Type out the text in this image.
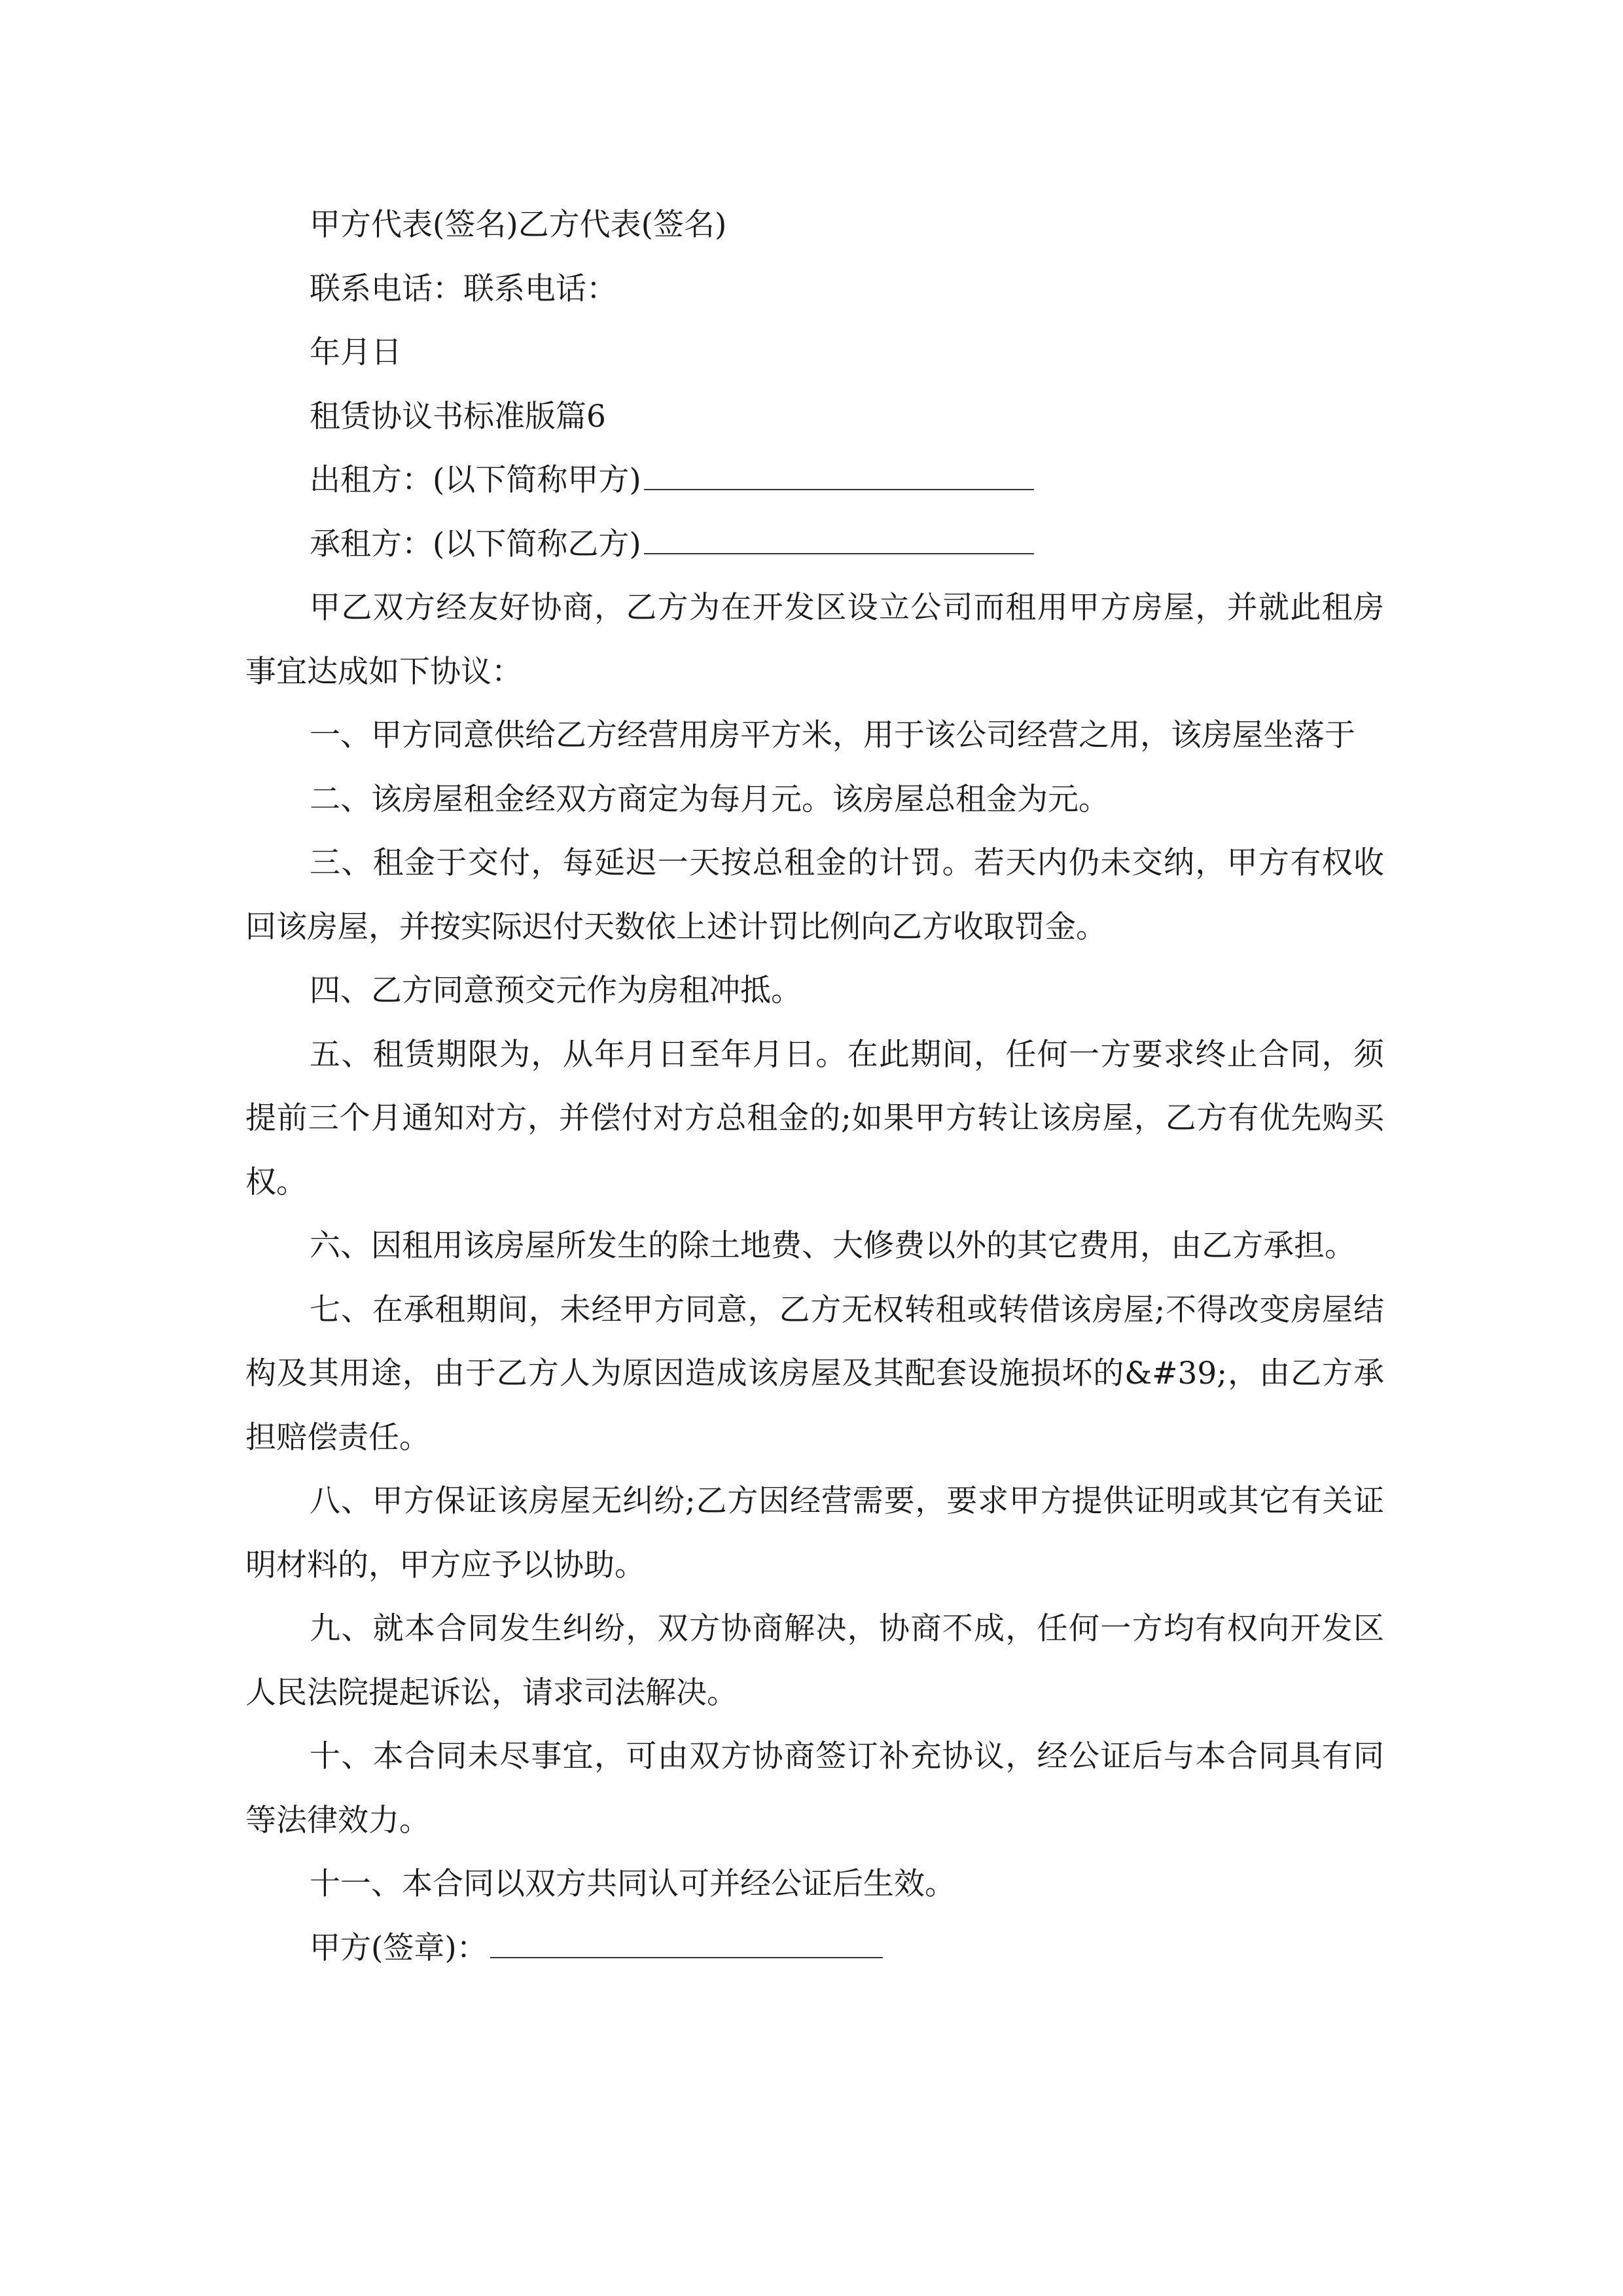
甲方代表(签名)乙方代表(签名)

联系电话：联系电话：

年月日

租赁协议书标准版篇6

出租方：(以下简称甲方)

承租方：(以下简称乙方)

甲乙双方经友好协商，乙方为在开发区设立公司而租用甲方房屋，并就此租房事宜达成如下协议：

一、甲方同意供给乙方经营用房平方米，用于该公司经营之用，该房屋坐落于

二、该房屋租金经双方商定为每月元。该房屋总租金为元。

三、租金于交付，每延迟一天按总租金的计罚。若天内仍未交纳，甲方有权收回该房屋，并按实际迟付天数依上述计罚比例向乙方收取罚金。

四、乙方同意预交元作为房租冲抵。

五、租赁期限为，从年月日至年月日。在此期间，任何一方要求终止合同，须提前三个月通知对方，并偿付对方总租金的;如果甲方转让该房屋，乙方有优先购买权。

六、因租用该房屋所发生的除土地费、大修费以外的其它费用，由乙方承担。

七、在承租期间，未经甲方同意，乙方无权转租或转借该房屋;不得改变房屋结构及其用途，由于乙方人为原因造成该房屋及其配套设施损坏的&#39;，由乙方承担赔偿责任。

八、甲方保证该房屋无纠纷;乙方因经营需要，要求甲方提供证明或其它有关证明材料的，甲方应予以协助。

九、就本合同发生纠纷，双方协商解决，协商不成，任何一方均有权向开发区人民法院提起诉讼，请求司法解决。

十、本合同未尽事宜，可由双方协商签订补充协议，经公证后与本合同具有同等法律效力。

十一、本合同以双方共同认可并经公证后生效。

甲方(签章)：
